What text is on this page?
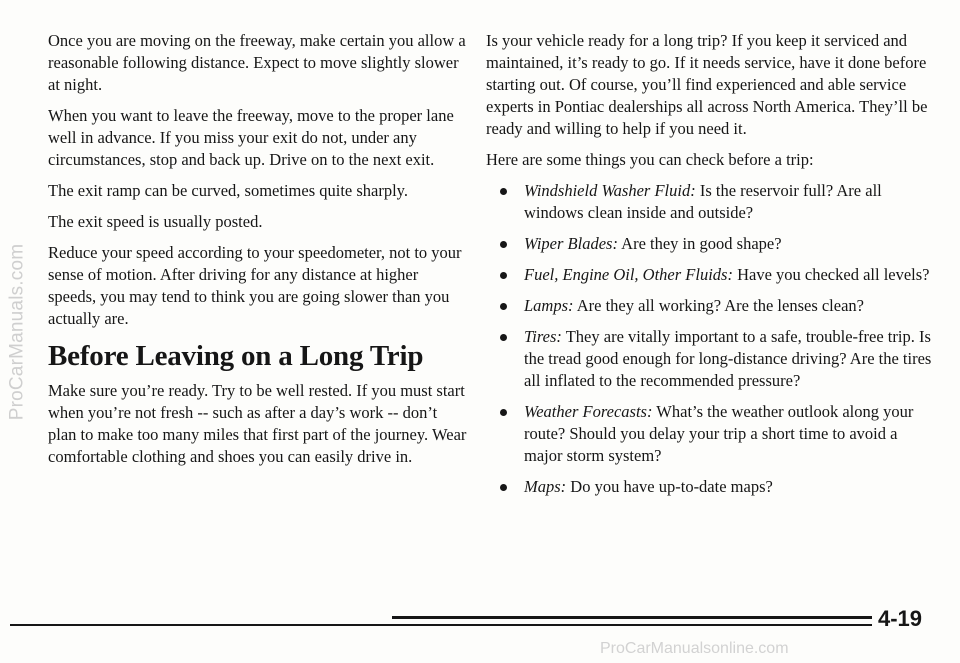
ProCarManuals.com

Once you are moving on the freeway, make certain you allow a reasonable following distance. Expect to move slightly slower at night.

When you want to leave the freeway, move to the proper lane well in advance. If you miss your exit do not, under any circumstances, stop and back up. Drive on to the next exit.

The exit ramp can be curved, sometimes quite sharply.

The exit speed is usually posted.

Reduce your speed according to your speedometer, not to your sense of motion. After driving for any distance at higher speeds, you may tend to think you are going slower than you actually are.

Before Leaving on a Long Trip

Make sure you’re ready. Try to be well rested. If you must start when you’re not fresh -- such as after a day’s work -- don’t plan to make too many miles that first part of the journey. Wear comfortable clothing and shoes you can easily drive in.

Is your vehicle ready for a long trip? If you keep it serviced and maintained, it’s ready to go. If it needs service, have it done before starting out. Of course, you’ll find experienced and able service experts in Pontiac dealerships all across North America. They’ll be ready and willing to help if you need it.

Here are some things you can check before a trip:

Windshield Washer Fluid: Is the reservoir full? Are all windows clean inside and outside?
Wiper Blades: Are they in good shape?
Fuel, Engine Oil, Other Fluids: Have you checked all levels?
Lamps: Are they all working? Are the lenses clean?
Tires: They are vitally important to a safe, trouble-free trip. Is the tread good enough for long-distance driving? Are the tires all inflated to the recommended pressure?
Weather Forecasts: What’s the weather outlook along your route? Should you delay your trip a short time to avoid a major storm system?
Maps: Do you have up-to-date maps?
4-19
ProCarManualsonline.com
